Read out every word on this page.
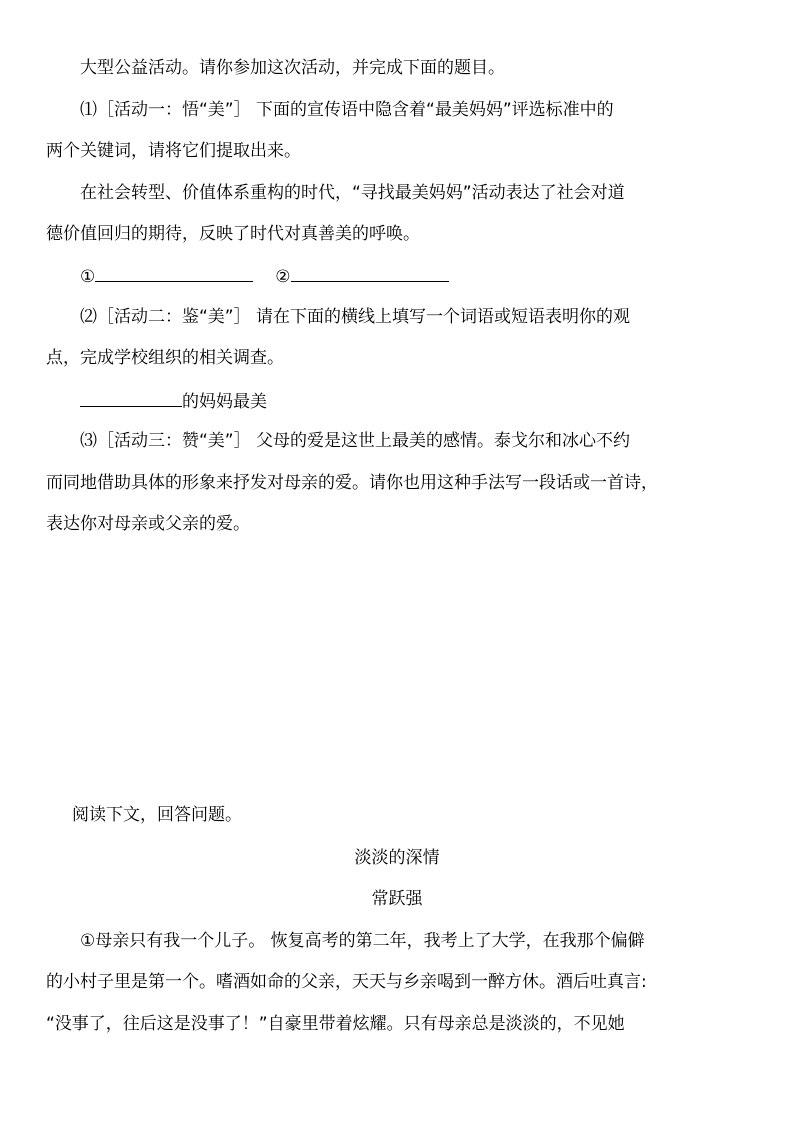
大型公益活动。请你参加这次活动，并完成下面的题目。
⑴［活动一：悟“美”］ 下面的宣传语中隐含着“最美妈妈”评选标准中的
两个关键词，请将它们提取出来。
在社会转型、价值体系重构的时代，“寻找最美妈妈”活动表达了社会对道
德价值回归的期待，反映了时代对真善美的呼唤。
①	②
⑵［活动二：鉴“美”］ 请在下面的横线上填写一个词语或短语表明你的观
点，完成学校组织的相关调查。
的妈妈最美
⑶［活动三：赞“美”］ 父母的爱是这世上最美的感情。泰戈尔和冰心不约
而同地借助具体的形象来抒发对母亲的爱。请你也用这种手法写一段话或一首诗，
表达你对母亲或父亲的爱。
阅读下文，回答问题。
淡淡的深情
常跃强
①母亲只有我一个儿子。 恢复高考的第二年，我考上了大学，在我那个偏僻
的小村子里是第一个。嗜酒如命的父亲，天天与乡亲喝到一醉方休。酒后吐真言:
“没事了，往后这是没事了！”自豪里带着炫耀。只有母亲总是淡淡的，不见她
